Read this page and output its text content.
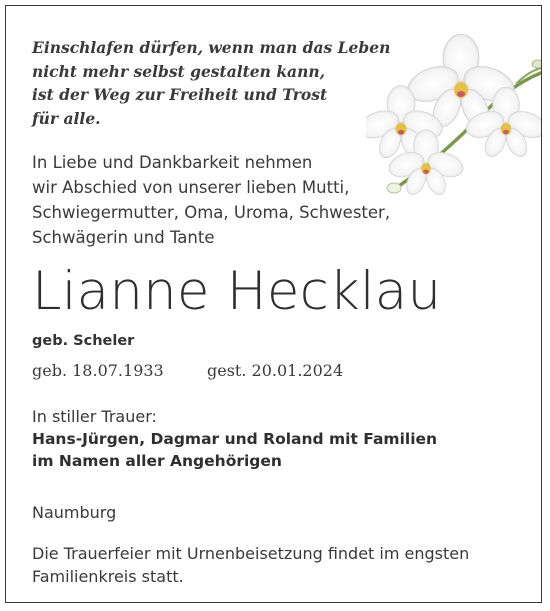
Einschlafen dürfen, wenn man das Leben
nicht mehr selbst gestalten kann,
ist der Weg zur Freiheit und Trost
für alle.
In Liebe und Dankbarkeit nehmen
wir Abschied von unserer lieben Mutti,
Schwiegermutter, Oma, Uroma, Schwester,
Schwägerin und Tante
Lianne Hecklau
geb. Scheler
geb. 18.07.1933	gest. 20.01.2024
In stiller Trauer:
Hans-Jürgen, Dagmar und Roland mit Familien
im Namen aller Angehörigen
Naumburg
Die Trauerfeier mit Urnenbeisetzung findet im engsten
Familienkreis statt.
